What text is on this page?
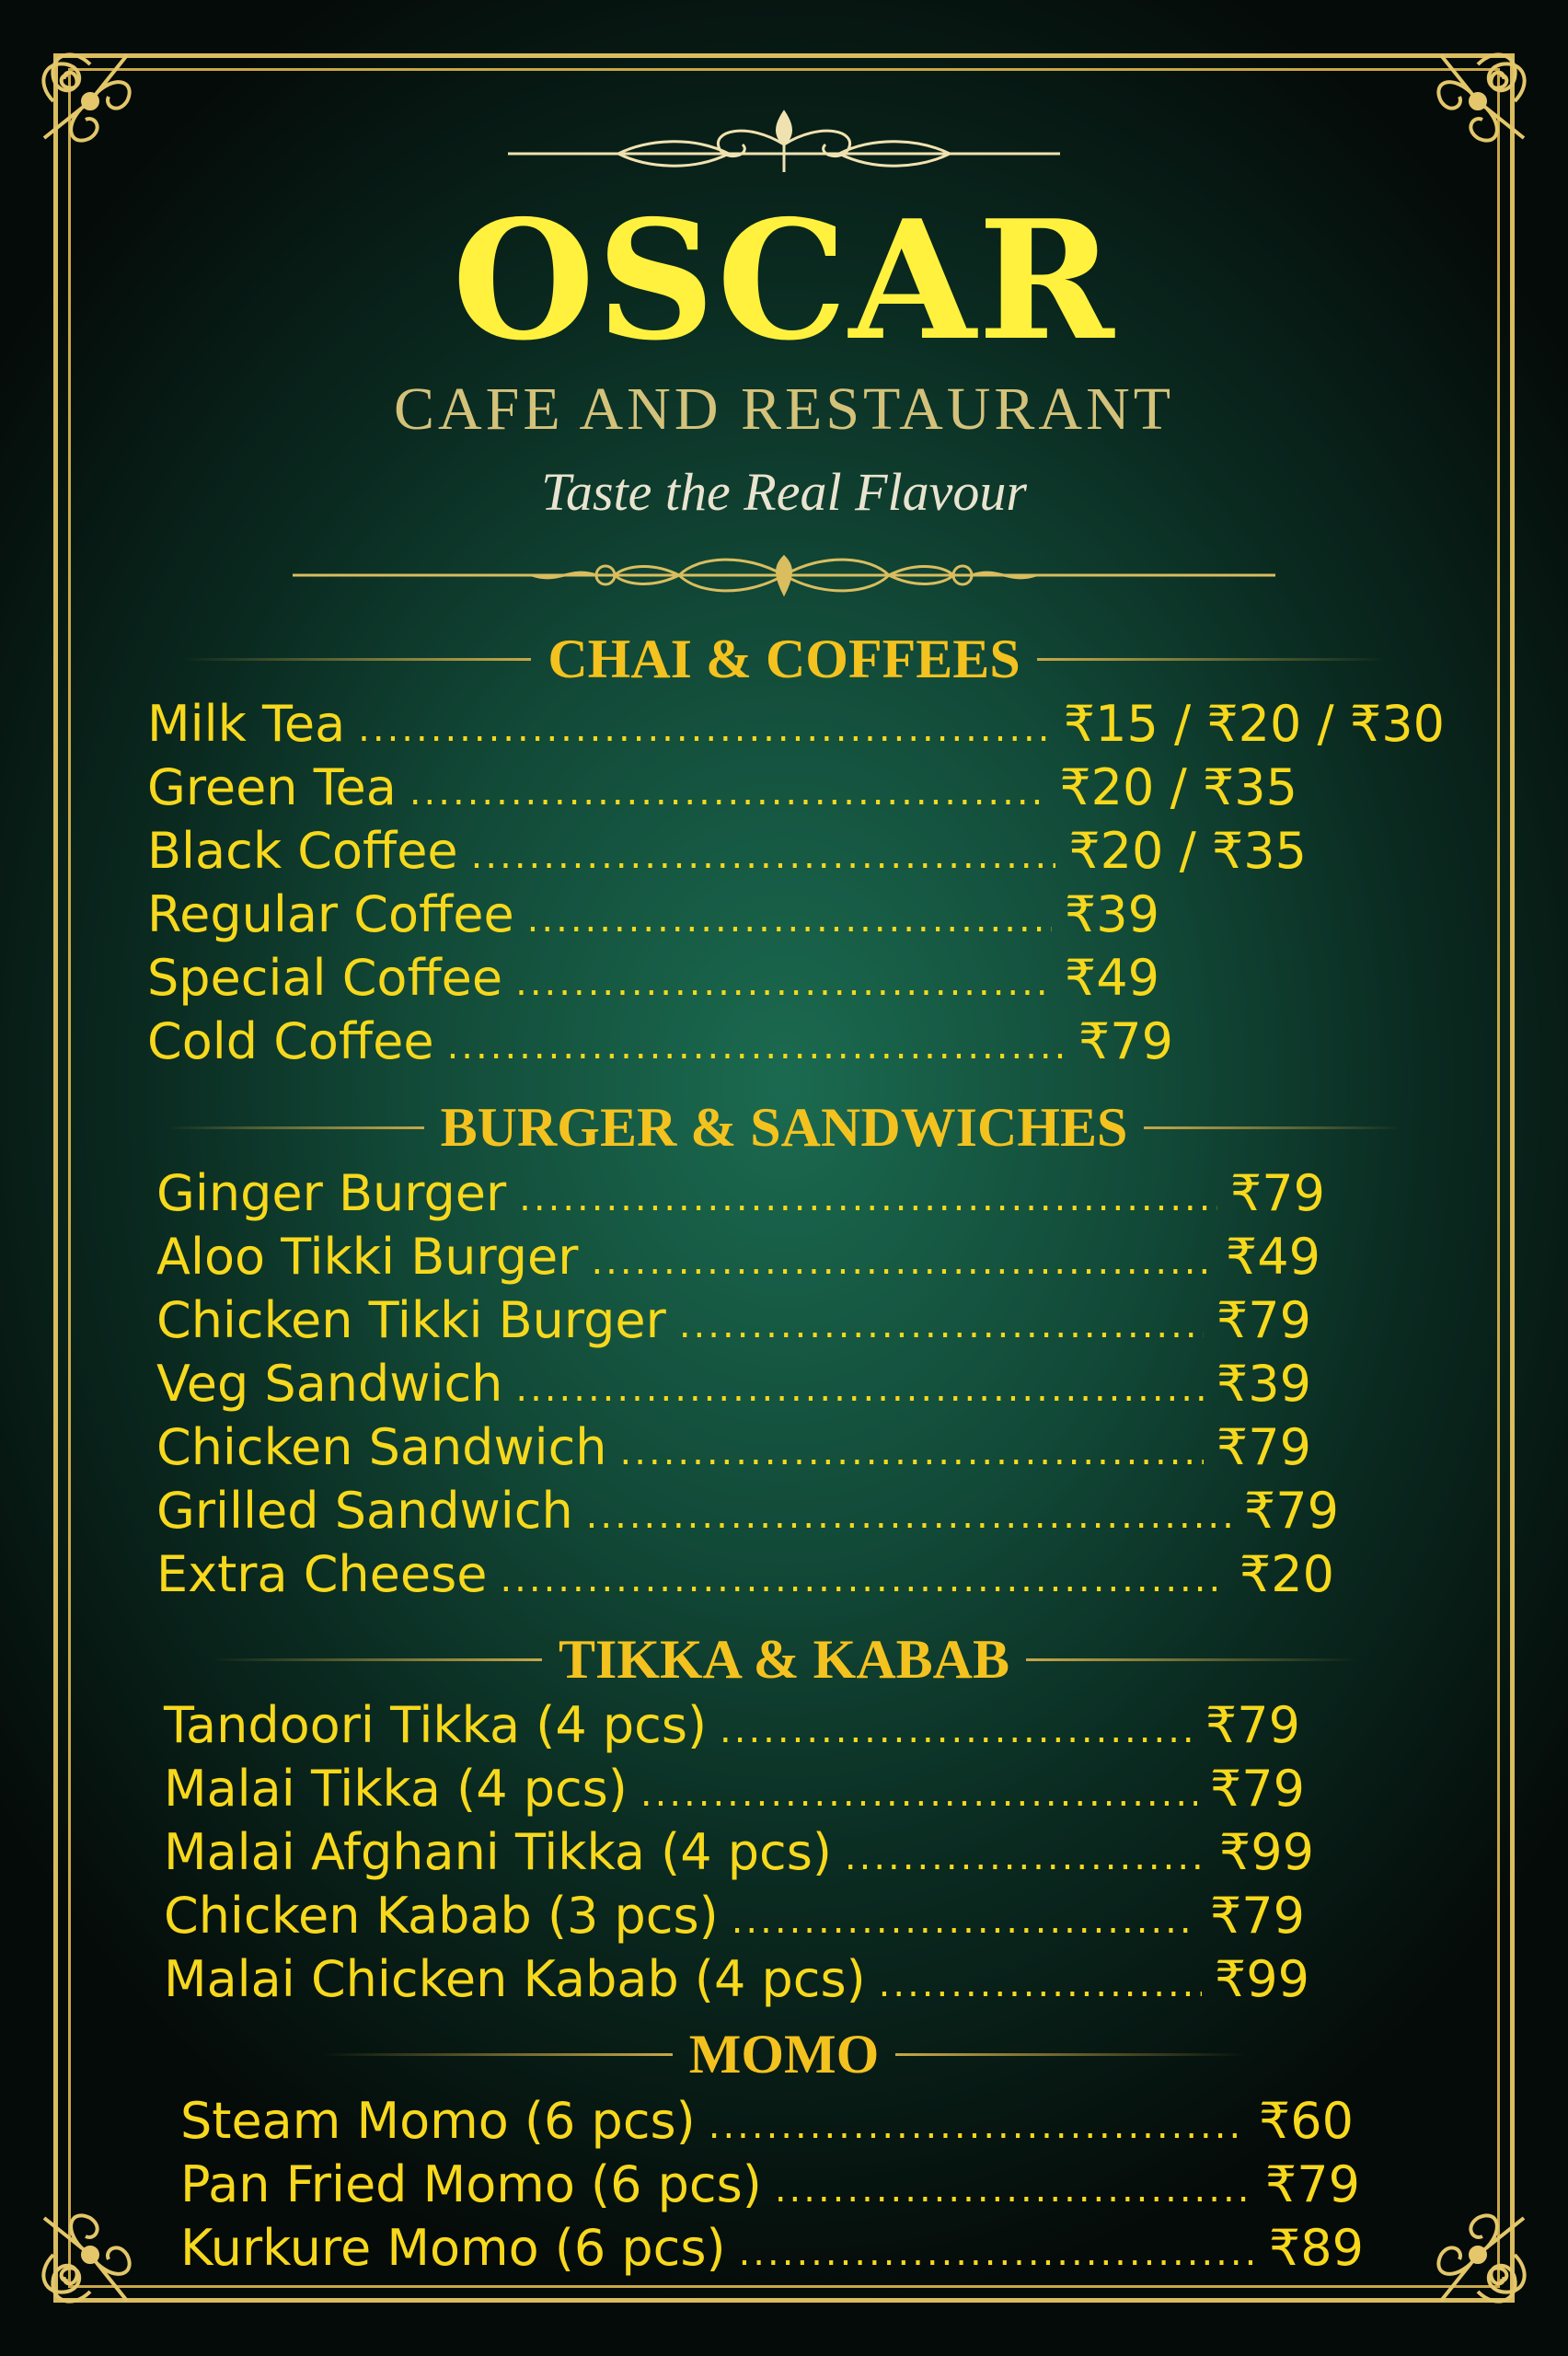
OSCAR
CAFE AND RESTAURANT
Taste the Real Flavour
CHAI & COFFEES
Milk Tea .....	₹15 / ₹20 / ₹30
Green Tea .....	₹20 / ₹35
Black Coffee .....	₹20 / ₹35
Regular Coffee .....	₹39
Special Coffee .....	₹49
Cold Coffee .....	₹79
BURGER & SANDWICHES
Ginger Burger .....	₹79
Aloo Tikki Burger .....	₹49
Chicken Tikki Burger .....	₹79
Veg Sandwich .....	₹39
Chicken Sandwich .....	₹79
Grilled Sandwich .....	₹79
Extra Cheese .....	₹20
TIKKA & KABAB
Tandoori Tikka (4 pcs) .....	₹79
Malai Tikka (4 pcs) .....	₹79
Malai Afghani Tikka (4 pcs) .....	₹99
Chicken Kabab (3 pcs) .....	₹79
Malai Chicken Kabab (4 pcs) .....	₹99
MOMO
Steam Momo (6 pcs) .....	₹60
Pan Fried Momo (6 pcs) .....	₹79
Kurkure Momo (6 pcs) .....	₹89
